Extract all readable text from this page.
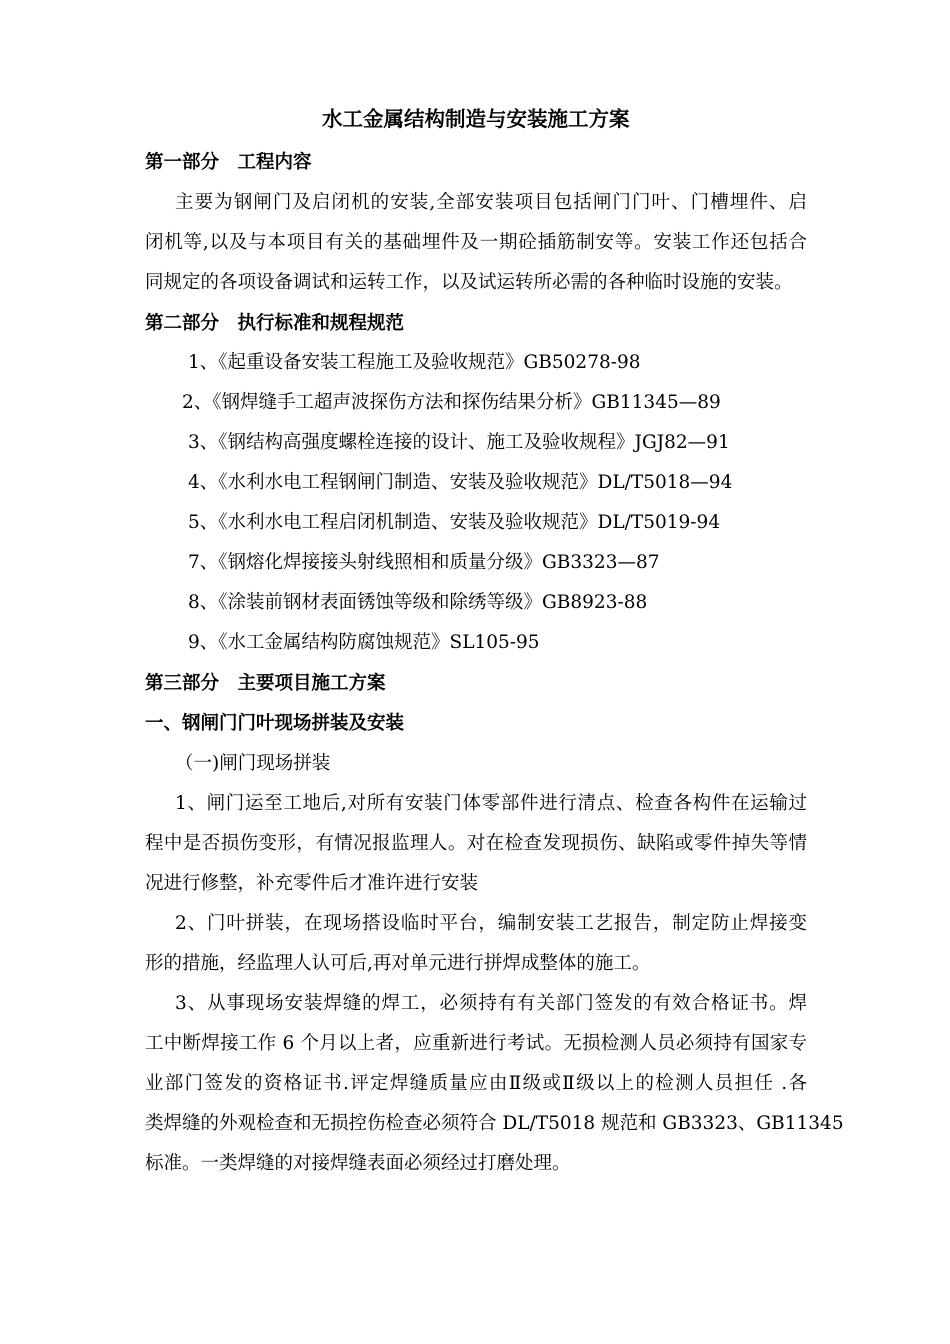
水工金属结构制造与安装施工方案
第一部分　工程内容
主要为钢闸门及启闭机的安装,全部安装项目包括闸门门叶、门槽埋件、启
闭机等,以及与本项目有关的基础埋件及一期砼插筋制安等。安装工作还包括合
同规定的各项设备调试和运转工作，以及试运转所必需的各种临时设施的安装。
第二部分　执行标准和规程规范
1、《起重设备安装工程施工及验收规范》GB50278-98
2、《钢焊缝手工超声波探伤方法和探伤结果分析》GB11345—89
3、《钢结构高强度螺栓连接的设计、施工及验收规程》JGJ82—91
4、《水利水电工程钢闸门制造、安装及验收规范》DL/T5018—94
5、《水利水电工程启闭机制造、安装及验收规范》DL/T5019-94
7、《钢熔化焊接接头射线照相和质量分级》GB3323—87
8、《涂装前钢材表面锈蚀等级和除绣等级》GB8923-88
9、《水工金属结构防腐蚀规范》SL105-95
第三部分　主要项目施工方案
一、钢闸门门叶现场拼装及安装
（一)闸门现场拼装
1、闸门运至工地后,对所有安装门体零部件进行清点、检查各构件在运输过
程中是否损伤变形，有情况报监理人。对在检查发现损伤、缺陷或零件掉失等情
况进行修整，补充零件后才准许进行安装
2、门叶拼装，在现场搭设临时平台，编制安装工艺报告，制定防止焊接变
形的措施，经监理人认可后,再对单元进行拼焊成整体的施工。
3、从事现场安装焊缝的焊工，必须持有有关部门签发的有效合格证书。焊
工中断焊接工作 6 个月以上者，应重新进行考试。无损检测人员必须持有国家专
业部门签发的资格证书.评定焊缝质量应由Ⅱ级或Ⅱ级以上的检测人员担任 .各
类焊缝的外观检查和无损控伤检查必须符合 DL/T5018 规范和 GB3323、GB11345
标准。一类焊缝的对接焊缝表面必须经过打磨处理。
